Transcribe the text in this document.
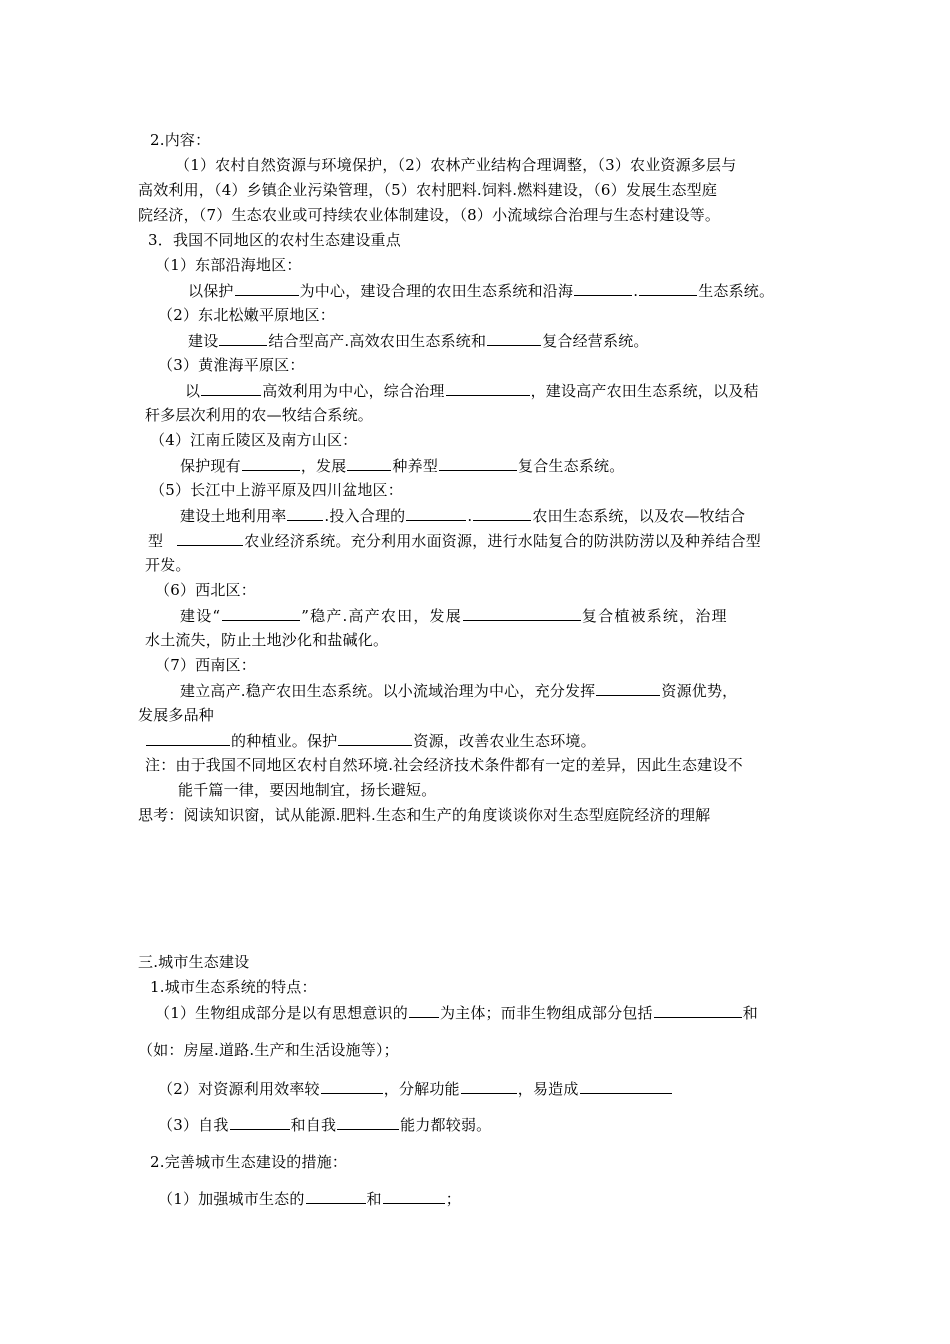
2.内容：
（1）农村自然资源与环境保护，（2）农林产业结构合理调整，（3）农业资源多层与
高效利用，（4）乡镇企业污染管理，（5）农村肥料.饲料.燃料建设，（6）发展生态型庭
院经济，（7）生态农业或可持续农业体制建设，（8）小流域综合治理与生态村建设等。
3．我国不同地区的农村生态建设重点
（1）东部沿海地区：
以保护	为中心，建设合理的农田生态系统和沿海	.	生态系统。
（2）东北松嫩平原地区：
建设	结合型高产.高效农田生态系统和	复合经营系统。
（3）黄淮海平原区：
以	高效利用为中心，综合治理	，建设高产农田生态系统，以及秸
秆多层次利用的农—牧结合系统。
（4）江南丘陵区及南方山区：
保护现有	，发展	种养型	复合生态系统。
（5）长江中上游平原及四川盆地区：
建设土地利用率	.投入合理的	.	农田生态系统，以及农—牧结合
型	农业经济系统。充分利用水面资源，进行水陆复合的防洪防涝以及种养结合型
开发。
（6）西北区：
建设“	”稳产.高产农田，发展	复合植被系统，治理
水土流失，防止土地沙化和盐碱化。
（7）西南区：
建立高产.稳产农田生态系统。以小流域治理为中心，充分发挥	资源优势，
发展多品种
的种植业。保护	资源，改善农业生态环境。
注：由于我国不同地区农村自然环境.社会经济技术条件都有一定的差异，因此生态建设不
能千篇一律，要因地制宜，扬长避短。
思考：阅读知识窗，试从能源.肥料.生态和生产的角度谈谈你对生态型庭院经济的理解
三.城市生态建设
1.城市生态系统的特点：
（1）生物组成部分是以有思想意识的 为主体；而非生物组成部分包括	和
（如：房屋.道路.生产和生活设施等）；
（2）对资源利用效率较	，分解功能	，易造成
（3）自我	和自我	能力都较弱。
2.完善城市生态建设的措施：
（1）加强城市生态的	和	；
